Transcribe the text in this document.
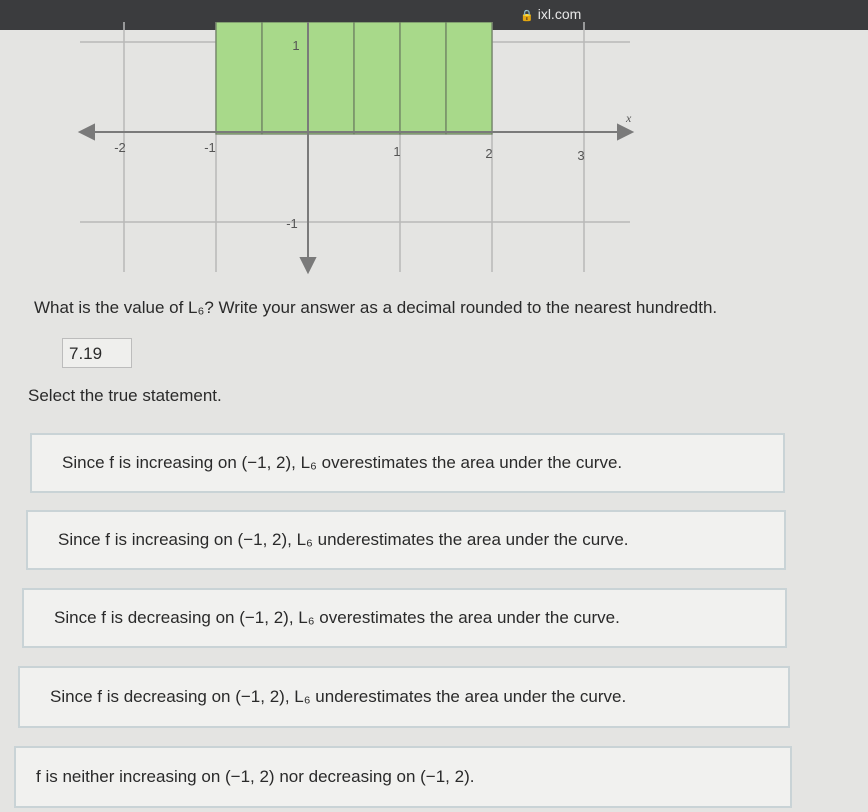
🔒 ixl.com
x
-2	-1	1	2	3
1
-1
What is the value of L₆? Write your answer as a decimal rounded to the nearest hundredth.
7.19
Select the true statement.
Since f is increasing on (−1, 2), L₆ overestimates the area under the curve.
Since f is increasing on (−1, 2), L₆ underestimates the area under the curve.
Since f is decreasing on (−1, 2), L₆ overestimates the area under the curve.
Since f is decreasing on (−1, 2), L₆ underestimates the area under the curve.
f is neither increasing on (−1, 2) nor decreasing on (−1, 2).
